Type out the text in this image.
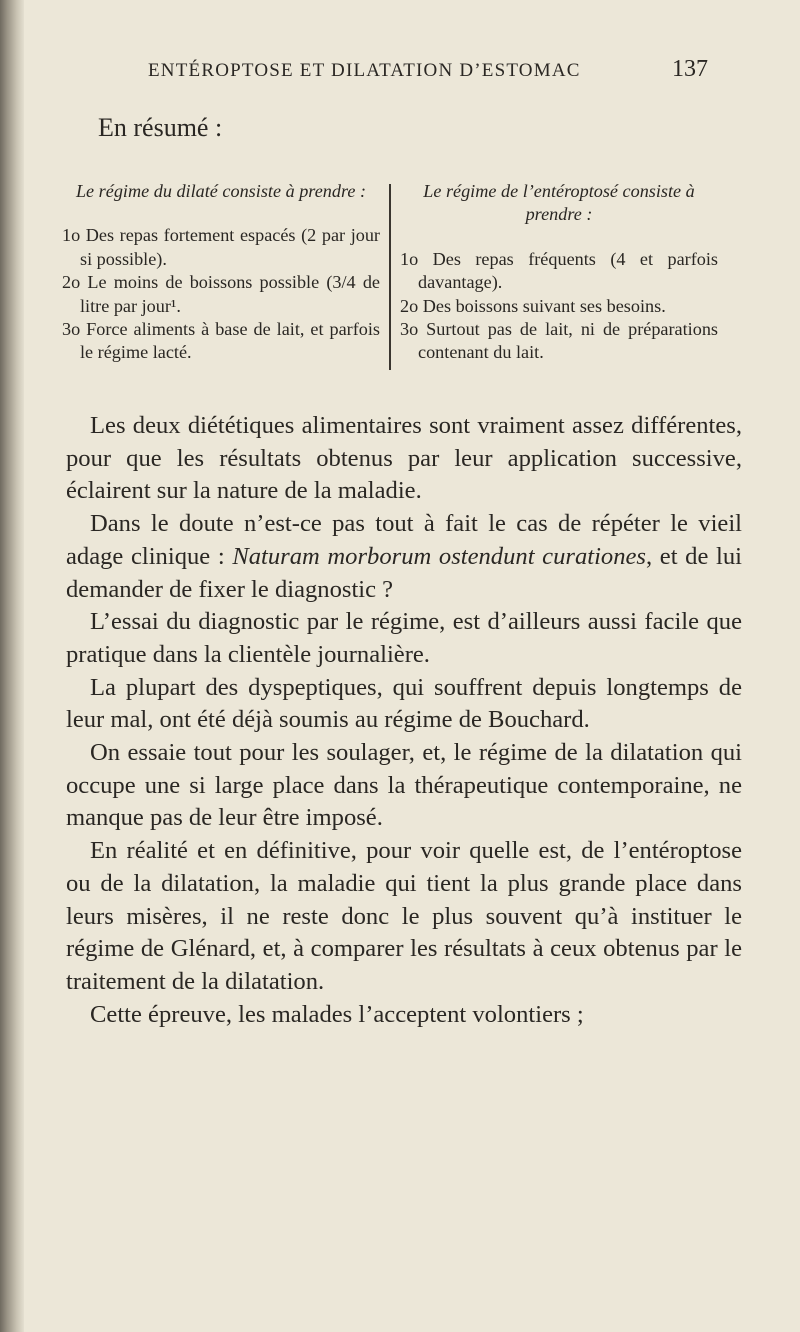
ENTÉROPTOSE ET DILATATION D’ESTOMAC	137
En résumé :

Le régime du dilaté consiste à prendre :

1o Des repas fortement espacés (2 par jour si possible).

2o Le moins de boissons possible (3/4 de litre par jour¹.

3o Force aliments à base de lait, et parfois le régime lacté.

Le régime de l’entéroptosé consiste à prendre :

1o Des repas fréquents (4 et parfois davantage).

2o Des boissons suivant ses besoins.

3o Surtout pas de lait, ni de préparations contenant du lait.

Les deux diététiques alimentaires sont vraiment assez différentes, pour que les résultats obtenus par leur application successive, éclairent sur la nature de la maladie.

Dans le doute n’est-ce pas tout à fait le cas de répéter le vieil adage clinique : Naturam morborum ostendunt curationes, et de lui demander de fixer le diagnostic ?

L’essai du diagnostic par le régime, est d’ailleurs aussi facile que pratique dans la clientèle journalière.

La plupart des dyspeptiques, qui souffrent depuis longtemps de leur mal, ont été déjà soumis au régime de Bouchard.

On essaie tout pour les soulager, et, le régime de la dilatation qui occupe une si large place dans la thérapeutique contemporaine, ne manque pas de leur être imposé.

En réalité et en définitive, pour voir quelle est, de l’entéroptose ou de la dilatation, la maladie qui tient la plus grande place dans leurs misères, il ne reste donc le plus souvent qu’à instituer le régime de Glénard, et, à comparer les résultats à ceux obtenus par le traitement de la dilatation.

Cette épreuve, les malades l’acceptent volontiers ;
